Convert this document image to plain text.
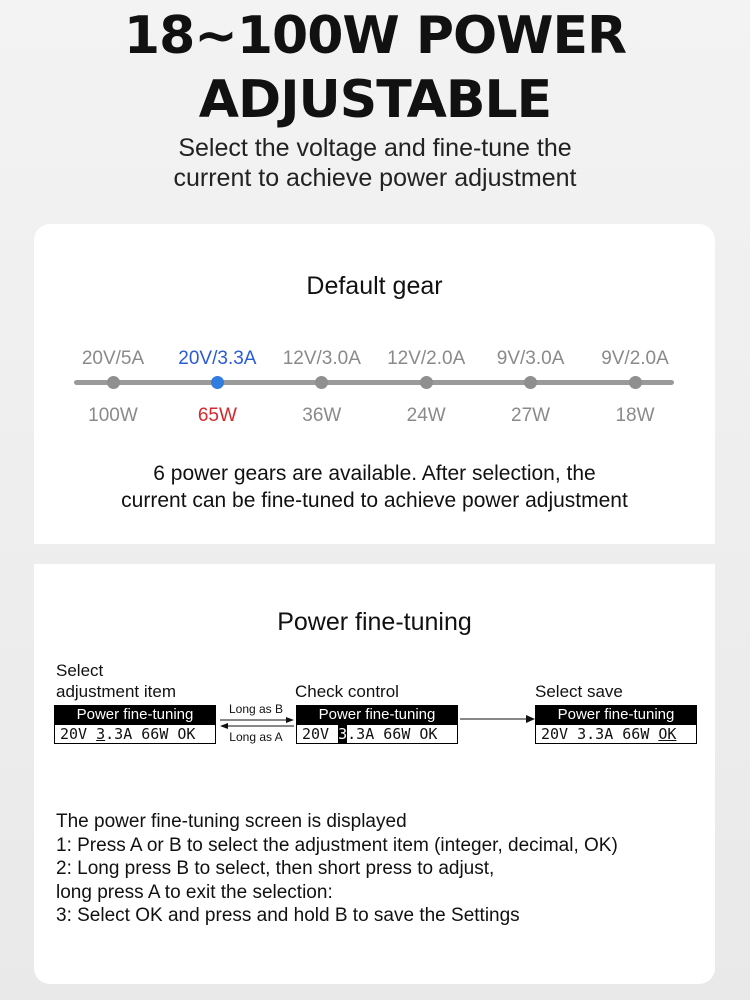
18~100W POWER
ADJUSTABLE
Select the voltage and fine-tune the
current to achieve power adjustment
Default gear
20V/5A
100W
20V/3.3A
65W
12V/3.0A
36W
12V/2.0A
24W
9V/3.0A
27W
9V/2.0A
18W
6 power gears are available. After selection, the
current can be fine-tuned to achieve power adjustment
Power fine-tuning
Select
adjustment item	Check control	Select save
Power fine-tuning
20V 3.3A 66W OK
Long as B
Long as A
Power fine-tuning
20V 3.3A 66W OK
Power fine-tuning
20V 3.3A 66W OK
The power fine-tuning screen is displayed
1: Press A or B to select the adjustment item (integer, decimal, OK)
2: Long press B to select, then short press to adjust,
long press A to exit the selection:
3: Select OK and press and hold B to save the Settings
